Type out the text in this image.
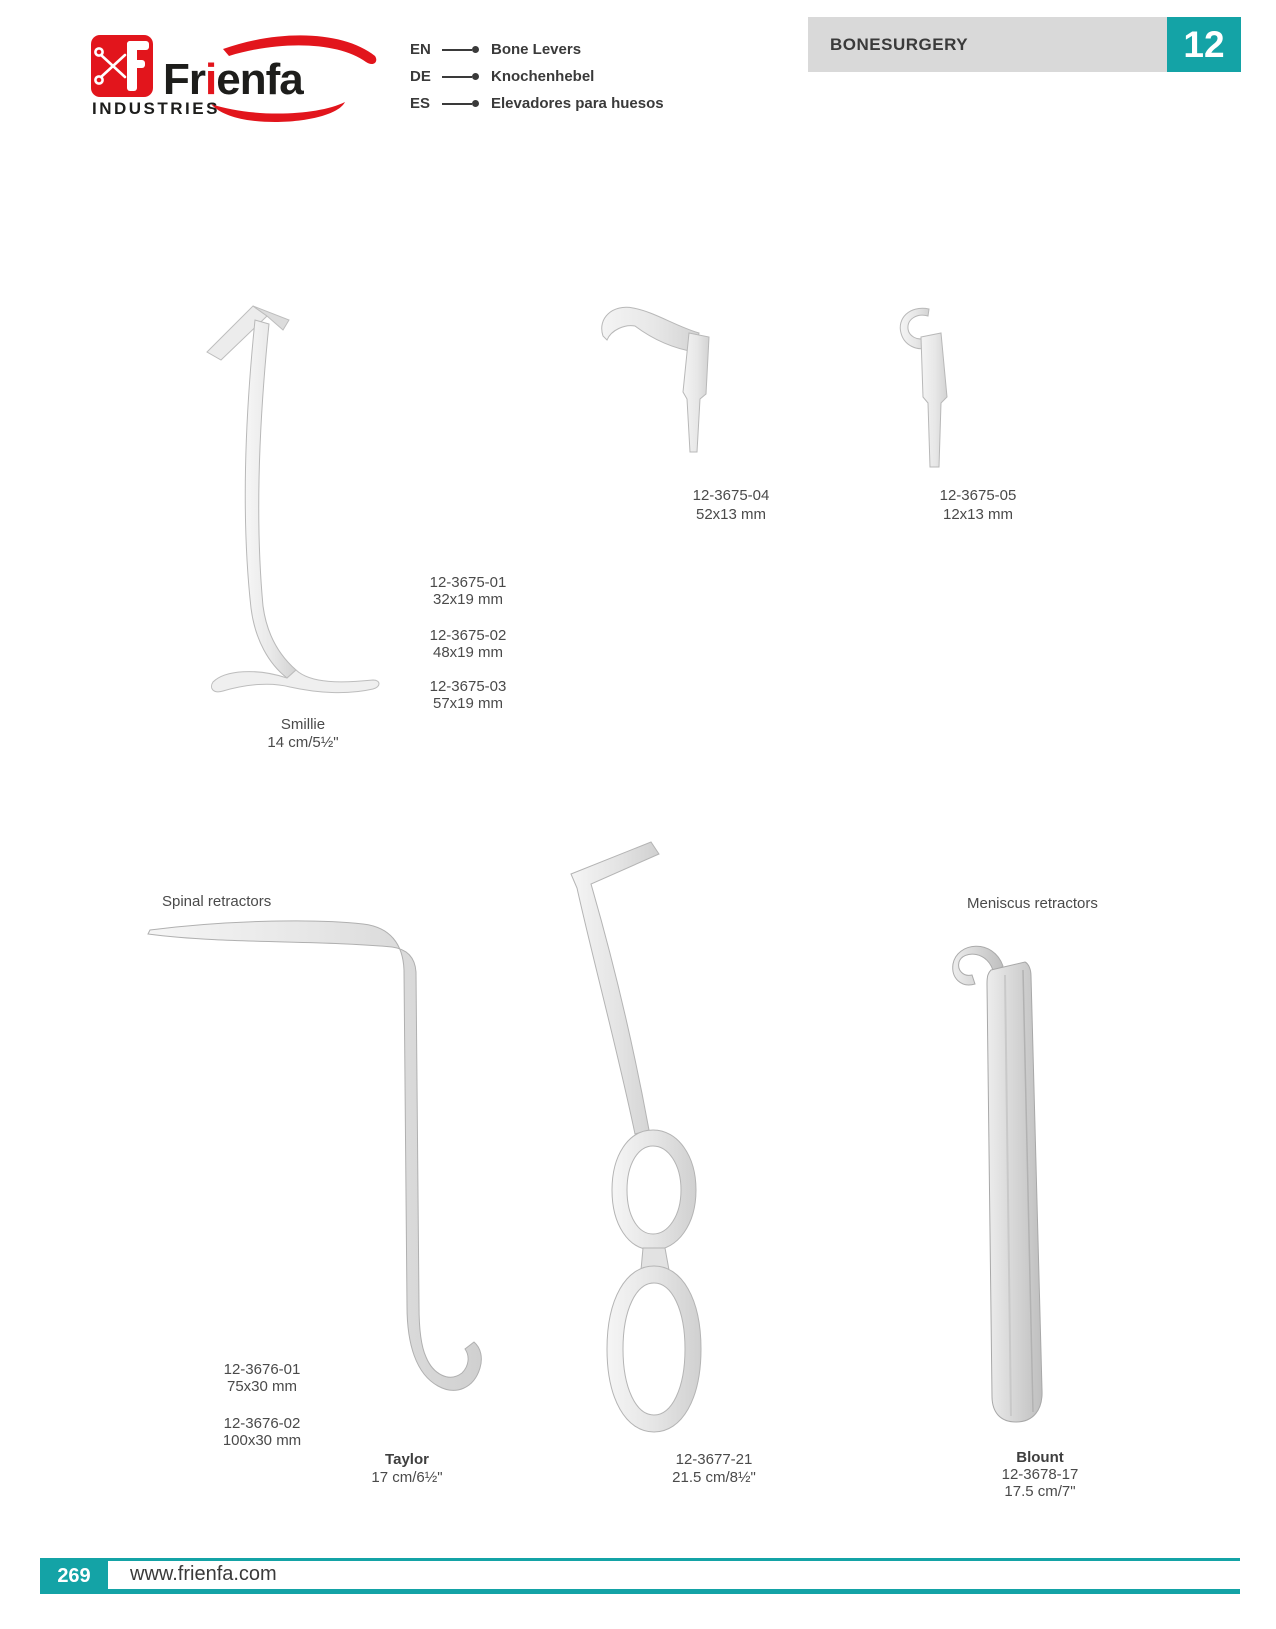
Frienfa
INDUSTRIES
EN	Bone Levers
DE	Knochenhebel
ES	Elevadores para huesos
BONESURGERY	12
12-3675-01
32x19 mm
12-3675-02
48x19 mm
12-3675-03
57x19 mm
Smillie
14 cm/5½"
12-3675-04
52x13 mm
12-3675-05
12x13 mm
Spinal retractors	Meniscus retractors
12-3676-01
75x30 mm
12-3676-02
100x30 mm
Taylor
17 cm/6½"
12-3677-21
21.5 cm/8½"
Blount
12-3678-17
17.5 cm/7"
269	www.frienfa.com
